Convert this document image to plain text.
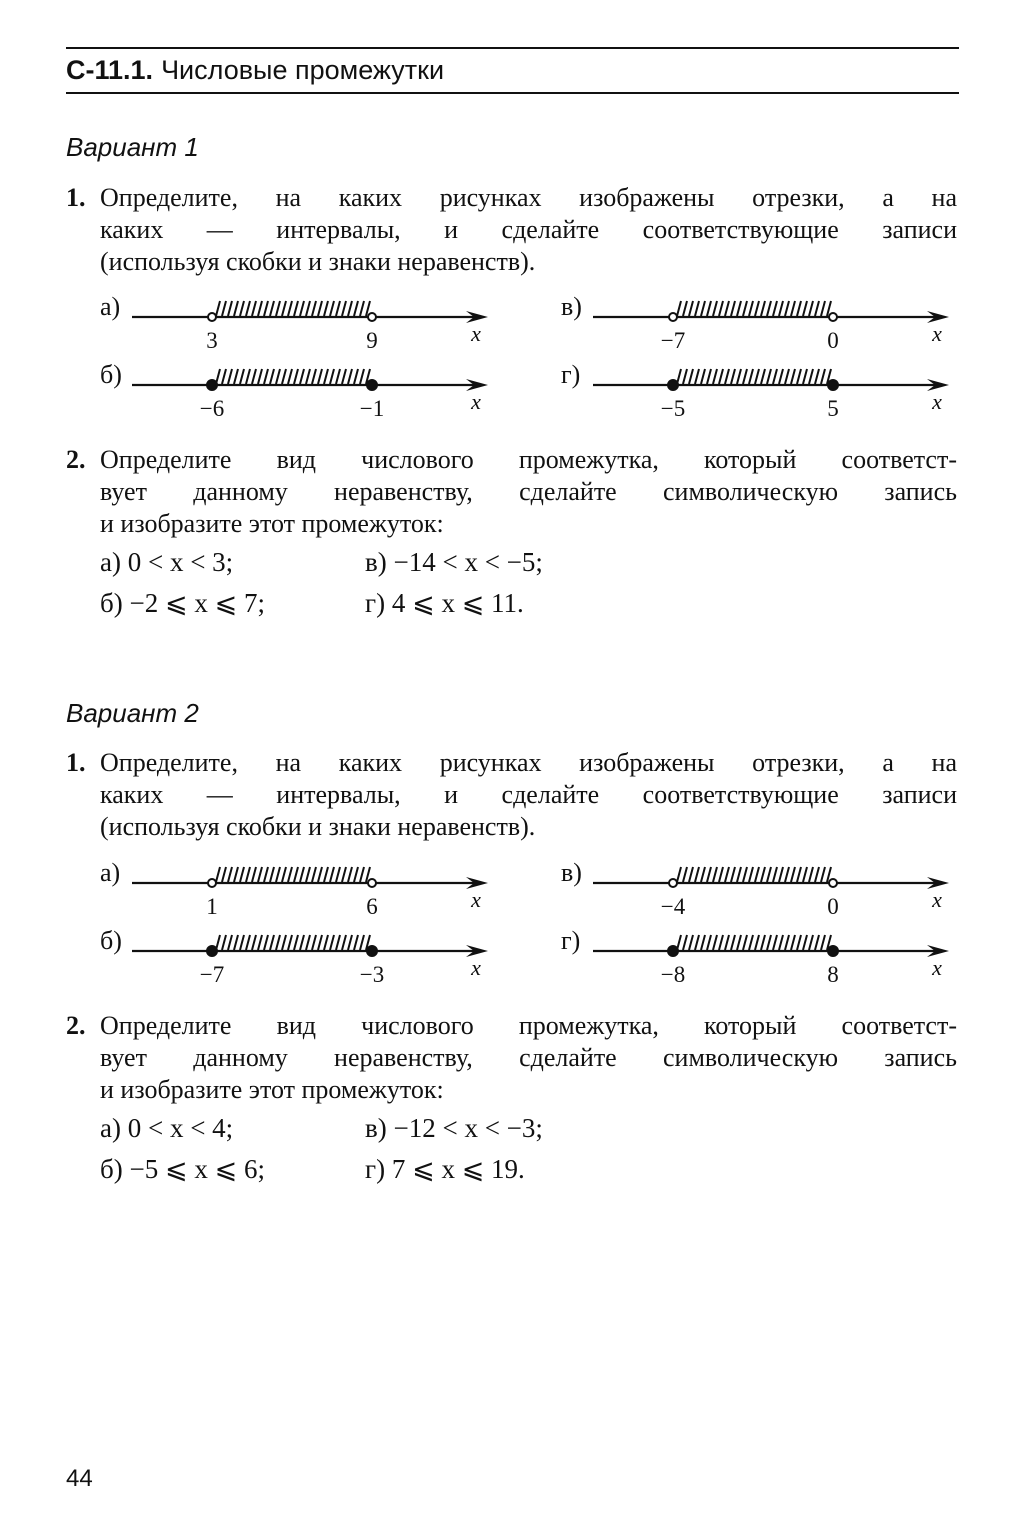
С-11.1. Числовые промежутки
Вариант 1
1. Определите, на каких рисунках изображены отрезки, а на
каких — интервалы, и сделайте соответствующие записи
(используя скобки и знаки неравенств).
а)
3	9	x
в)
−7	0	x
б)
−6	−1	x
г)
−5	5	x
2. Определите вид числового промежутка, который соответст-
вует данному неравенству, сделайте символическую запись
и изобразите этот промежуток:
а) 0 < x < 3;	в) −14 < x < −5;
б) −2 ⩽ x ⩽ 7;	г) 4 ⩽ x ⩽ 11.
Вариант 2
1. Определите, на каких рисунках изображены отрезки, а на
каких — интервалы, и сделайте соответствующие записи
(используя скобки и знаки неравенств).
а)
1	6	x
в)
−4	0	x
б)
−7	−3	x
г)
−8	8	x
2. Определите вид числового промежутка, который соответст-
вует данному неравенству, сделайте символическую запись
и изобразите этот промежуток:
а) 0 < x < 4;	в) −12 < x < −3;
б) −5 ⩽ x ⩽ 6;	г) 7 ⩽ x ⩽ 19.
44
